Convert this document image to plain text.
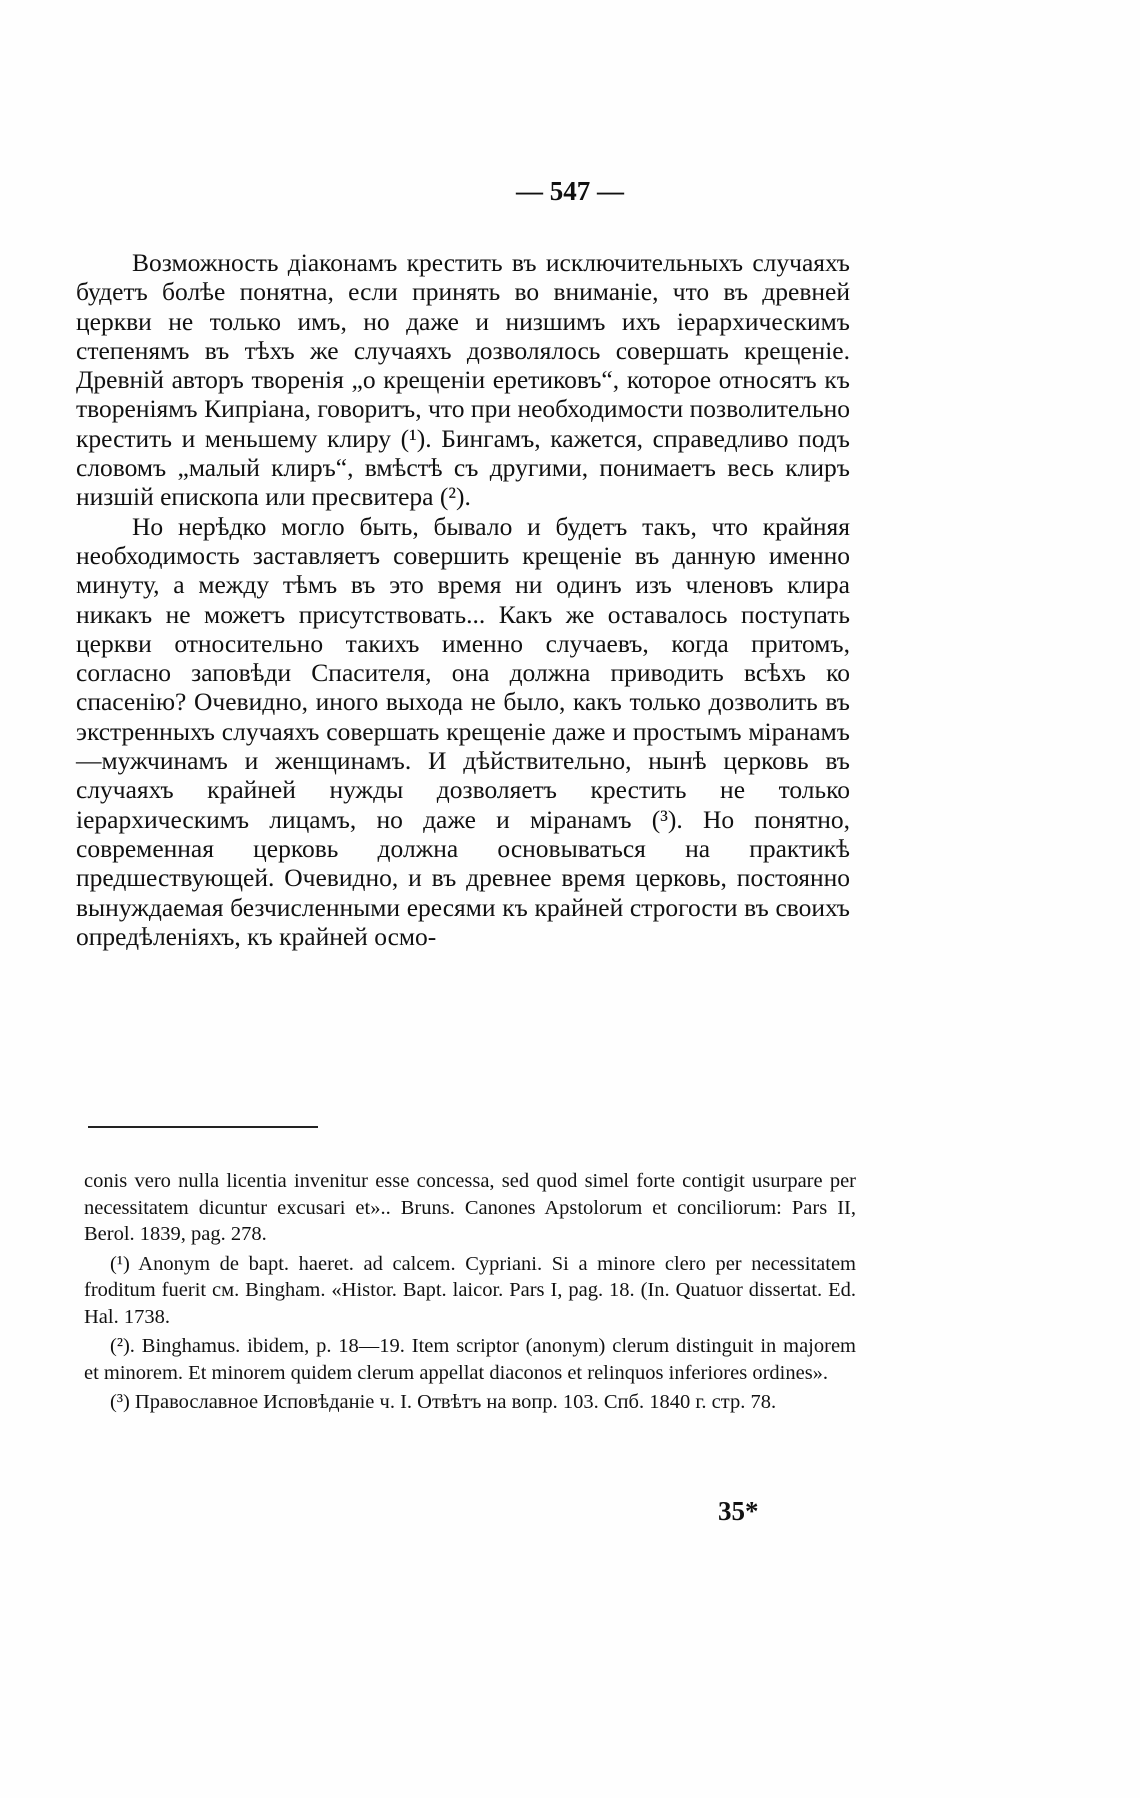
— 547 —

Возможность діаконамъ крестить въ исключительныхъ случаяхъ будетъ болѣе понятна, если принять во вниманіе, что въ древней церкви не только имъ, но даже и низшимъ ихъ іерархическимъ степенямъ въ тѣхъ же случаяхъ дозволялось совершать крещеніе. Древній авторъ творенія „о крещеніи еретиковъ“, которое относятъ къ твореніямъ Кипріана, говоритъ, что при необходимости позволительно крестить и меньшему клиру (¹). Бингамъ, кажется, справедливо подъ словомъ „малый клиръ“, вмѣстѣ съ другими, понимаетъ весь клиръ низшій епископа или пресвитера (²).

Но нерѣдко могло быть, бывало и будетъ такъ, что крайняя необходимость заставляетъ совершить крещеніе въ данную именно минуту, а между тѣмъ въ это время ни одинъ изъ членовъ клира никакъ не можетъ присутствовать... Какъ же оставалось поступать церкви относительно такихъ именно случаевъ, когда притомъ, согласно заповѣди Спасителя, она должна приводить всѣхъ ко спасенію? Очевидно, иного выхода не было, какъ только дозволить въ экстренныхъ случаяхъ совершать крещеніе даже и простымъ міранамъ—мужчинамъ и женщинамъ. И дѣйствительно, нынѣ церковь въ случаяхъ крайней нужды дозволяетъ крестить не только іерархическимъ лицамъ, но даже и міранамъ (³). Но понятно, современная церковь должна основываться на практикѣ предшествующей. Очевидно, и въ древнее время церковь, постоянно вынуждаемая безчисленными ересями къ крайней строгости въ своихъ опредѣленіяхъ, къ крайней осмо-

conis vero nulla licentia invenitur esse concessa, sed quod simel forte contigit usurpare per necessitatem dicuntur excusari et».. Bruns. Canones Apstolorum et conciliorum: Pars II, Berol. 1839, pag. 278.

(¹) Anonym de bapt. haeret. ad calcem. Cypriani. Si a minore clero per necessitatem froditum fuerit см. Bingham. «Histor. Bapt. laicor. Pars I, pag. 18. (In. Quatuor dissertat. Ed. Hal. 1738.

(²). Binghamus. ibidem, p. 18—19. Item scriptor (anonym) clerum distinguit in majorem et minorem. Et minorem quidem clerum appellat diaconos et relinquos inferiores ordines».

(³) Православное Исповѣданіе ч. I. Отвѣтъ на вопр. 103. Спб. 1840 г. стр. 78.

35*
